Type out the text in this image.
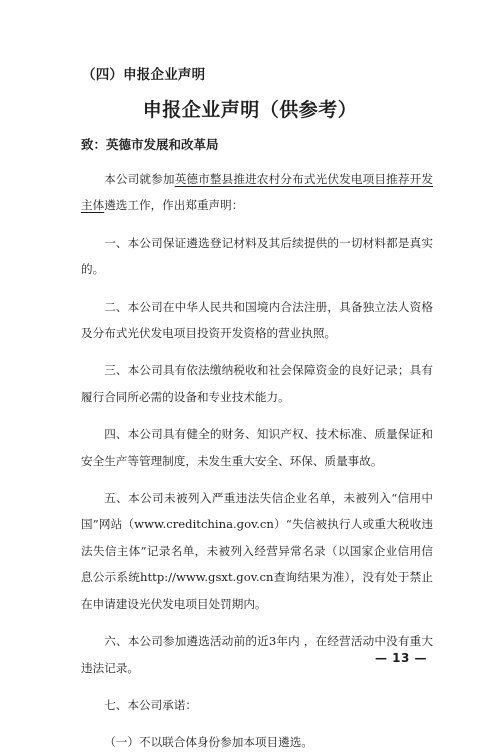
（四）申报企业声明
申报企业声明（供参考）
致：英德市发展和改革局

本公司就参加英德市整县推进农村分布式光伏发电项目推荐开发主体遴选工作，作出郑重声明：

一、本公司保证遴选登记材料及其后续提供的一切材料都是真实的。

二、本公司在中华人民共和国境内合法注册，具备独立法人资格及分布式光伏发电项目投资开发资格的营业执照。

三、本公司具有依法缴纳税收和社会保障资金的良好记录；具有履行合同所必需的设备和专业技术能力。

四、本公司具有健全的财务、知识产权、技术标准、质量保证和安全生产等管理制度，未发生重大安全、环保、质量事故。

五、本公司未被列入严重违法失信企业名单，未被列入“信用中国”网站（www.creditchina.gov.cn）“失信被执行人或重大税收违法失信主体”记录名单，未被列入经营异常名录（以国家企业信用信息公示系统http://www.gsxt.gov.cn查询结果为准），没有处于禁止在申请建设光伏发电项目处罚期内。

六、本公司参加遴选活动前的近3年内 ，在经营活动中没有重大违法记录。

七、本公司承诺：

（一）不以联合体身份参加本项目遴选。

— 13 —
